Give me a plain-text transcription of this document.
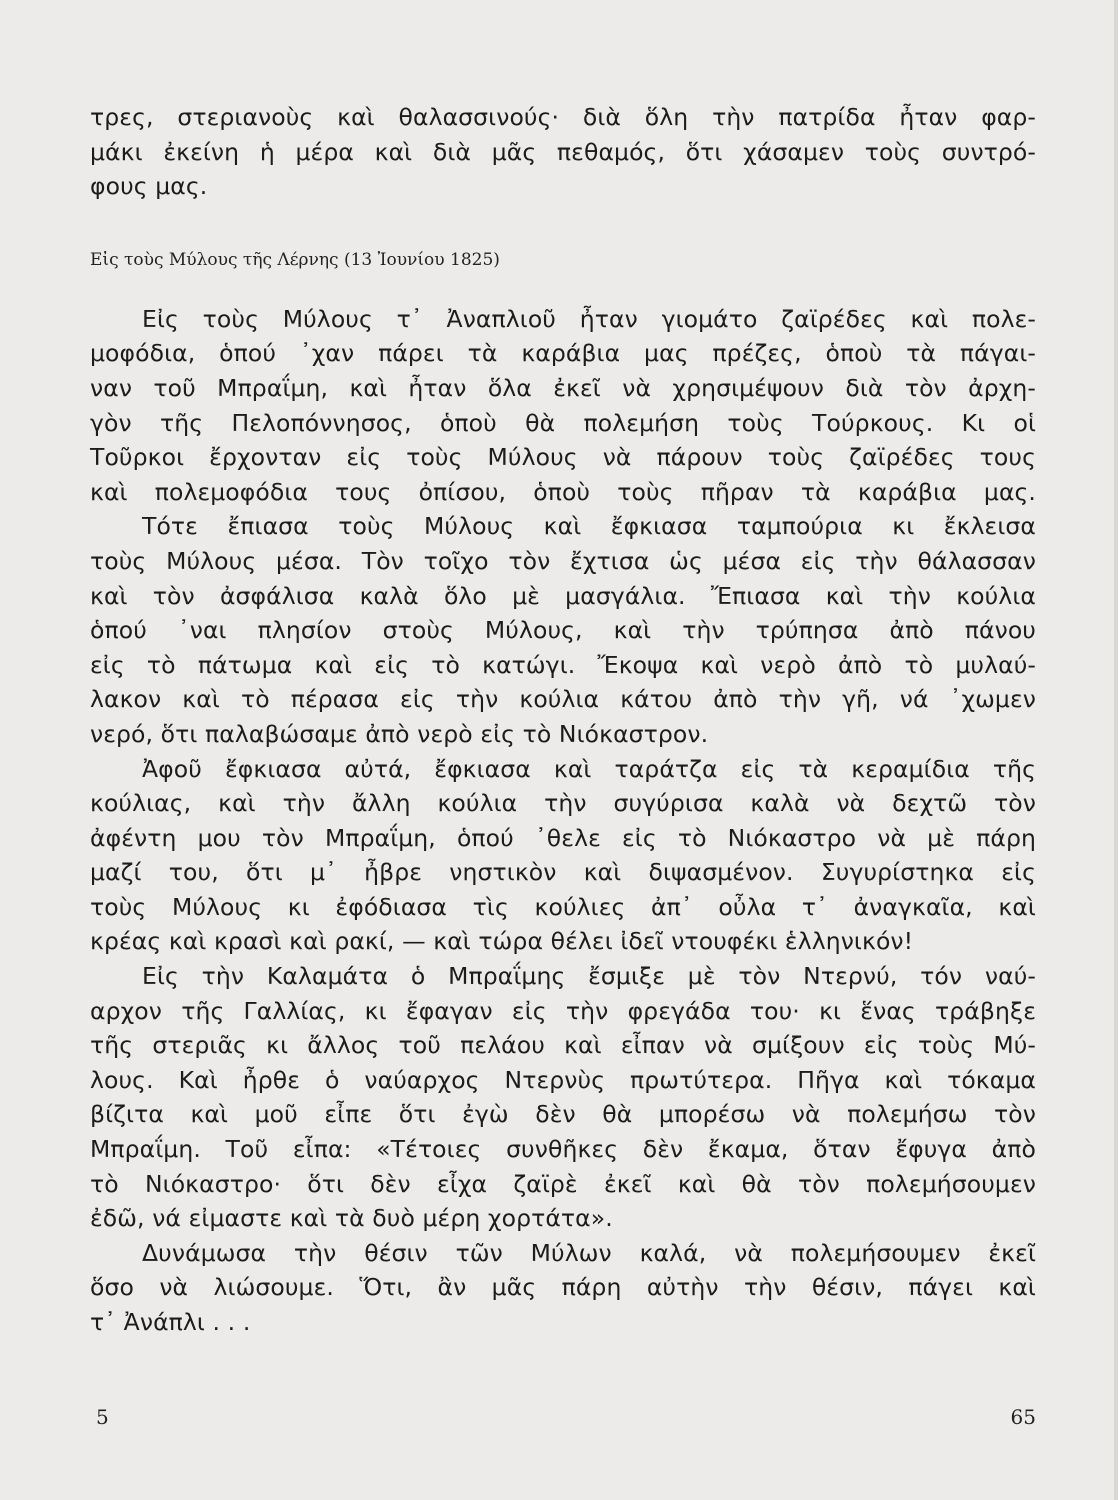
τρες, στεριανοὺς καὶ θαλασσινούς· διὰ ὅλη τὴν πατρίδα ἦταν φαρ-
μάκι ἐκείνη ἡ μέρα καὶ διὰ μᾶς πεθαμός, ὅτι χάσαμεν τοὺς συντρό-
φους μας.
Εἰς τοὺς Μύλους τῆς Λέρνης (13 Ἰουνίου 1825)
Εἰς τοὺς Μύλους τ᾽ Ἀναπλιοῦ ἦταν γιομάτο ζαϊρέδες καὶ πολε-
μοφόδια, ὁπού ᾽χαν πάρει τὰ καράβια μας πρέζες, ὁποὺ τὰ πάγαι-
ναν τοῦ Μπραΐμη, καὶ ἦταν ὅλα ἐκεῖ νὰ χρησιμέψουν διὰ τὸν ἀρχη-
γὸν τῆς Πελοπόννησος, ὁποὺ θὰ πολεμήση τοὺς Τούρκους. Κι οἱ
Τοῦρκοι ἔρχονταν εἰς τοὺς Μύλους νὰ πάρουν τοὺς ζαϊρέδες τους
καὶ πολεμοφόδια τους ὀπίσου, ὁποὺ τοὺς πῆραν τὰ καράβια μας.
Τότε ἔπιασα τοὺς Μύλους καὶ ἔφκιασα ταμπούρια κι ἔκλεισα
τοὺς Μύλους μέσα. Τὸν τοῖχο τὸν ἔχτισα ὡς μέσα εἰς τὴν θάλασσαν
καὶ τὸν ἀσφάλισα καλὰ ὅλο μὲ μασγάλια. Ἔπιασα καὶ τὴν κούλια
ὁπού ᾽ναι πλησίον στοὺς Μύλους, καὶ τὴν τρύπησα ἀπὸ πάνου
εἰς τὸ πάτωμα καὶ εἰς τὸ κατώγι. Ἔκοψα καὶ νερὸ ἀπὸ τὸ μυλαύ-
λακον καὶ τὸ πέρασα εἰς τὴν κούλια κάτου ἀπὸ τὴν γῆ, νά ᾽χωμεν
νερό, ὅτι παλαβώσαμε ἀπὸ νερὸ εἰς τὸ Νιόκαστρον.
Ἀφοῦ ἔφκιασα αὐτά, ἔφκιασα καὶ ταράτζα εἰς τὰ κεραμίδια τῆς
κούλιας, καὶ τὴν ἄλλη κούλια τὴν συγύρισα καλὰ νὰ δεχτῶ τὸν
ἀφέντη μου τὸν Μπραΐμη, ὁπού ᾽θελε εἰς τὸ Νιόκαστρο νὰ μὲ πάρη
μαζί του, ὅτι μ᾽ ἦβρε νηστικὸν καὶ διψασμένον. Συγυρίστηκα εἰς
τοὺς Μύλους κι ἐφόδιασα τὶς κούλιες ἀπ᾽ οὖλα τ᾽ ἀναγκαῖα, καὶ
κρέας καὶ κρασὶ καὶ ρακί, — καὶ τώρα θέλει ἰδεῖ ντουφέκι ἑλληνικόν!
Εἰς τὴν Καλαμάτα ὁ Μπραΐμης ἔσμιξε μὲ τὸν Ντερνύ, τόν ναύ-
αρχον τῆς Γαλλίας, κι ἔφαγαν εἰς τὴν φρεγάδα του· κι ἕνας τράβηξε
τῆς στεριᾶς κι ἄλλος τοῦ πελάου καὶ εἶπαν νὰ σμίξουν εἰς τοὺς Μύ-
λους. Καὶ ἦρθε ὁ ναύαρχος Ντερνὺς πρωτύτερα. Πῆγα καὶ τόκαμα
βίζιτα καὶ μοῦ εἶπε ὅτι ἐγὼ δὲν θὰ μπορέσω νὰ πολεμήσω τὸν
Μπραΐμη. Τοῦ εἶπα: «Τέτοιες συνθῆκες δὲν ἔκαμα, ὅταν ἔφυγα ἀπὸ
τὸ Νιόκαστρο· ὅτι δὲν εἶχα ζαϊρὲ ἐκεῖ καὶ θὰ τὸν πολεμήσουμεν
ἐδῶ, νά εἰμαστε καὶ τὰ δυὸ μέρη χορτάτα».
Δυνάμωσα τὴν θέσιν τῶν Μύλων καλά, νὰ πολεμήσουμεν ἐκεῖ
ὅσο νὰ λιώσουμε. Ὅτι, ἂν μᾶς πάρη αὐτὴν τὴν θέσιν, πάγει καὶ
τ᾽ Ἀνάπλι . . .
5	65
